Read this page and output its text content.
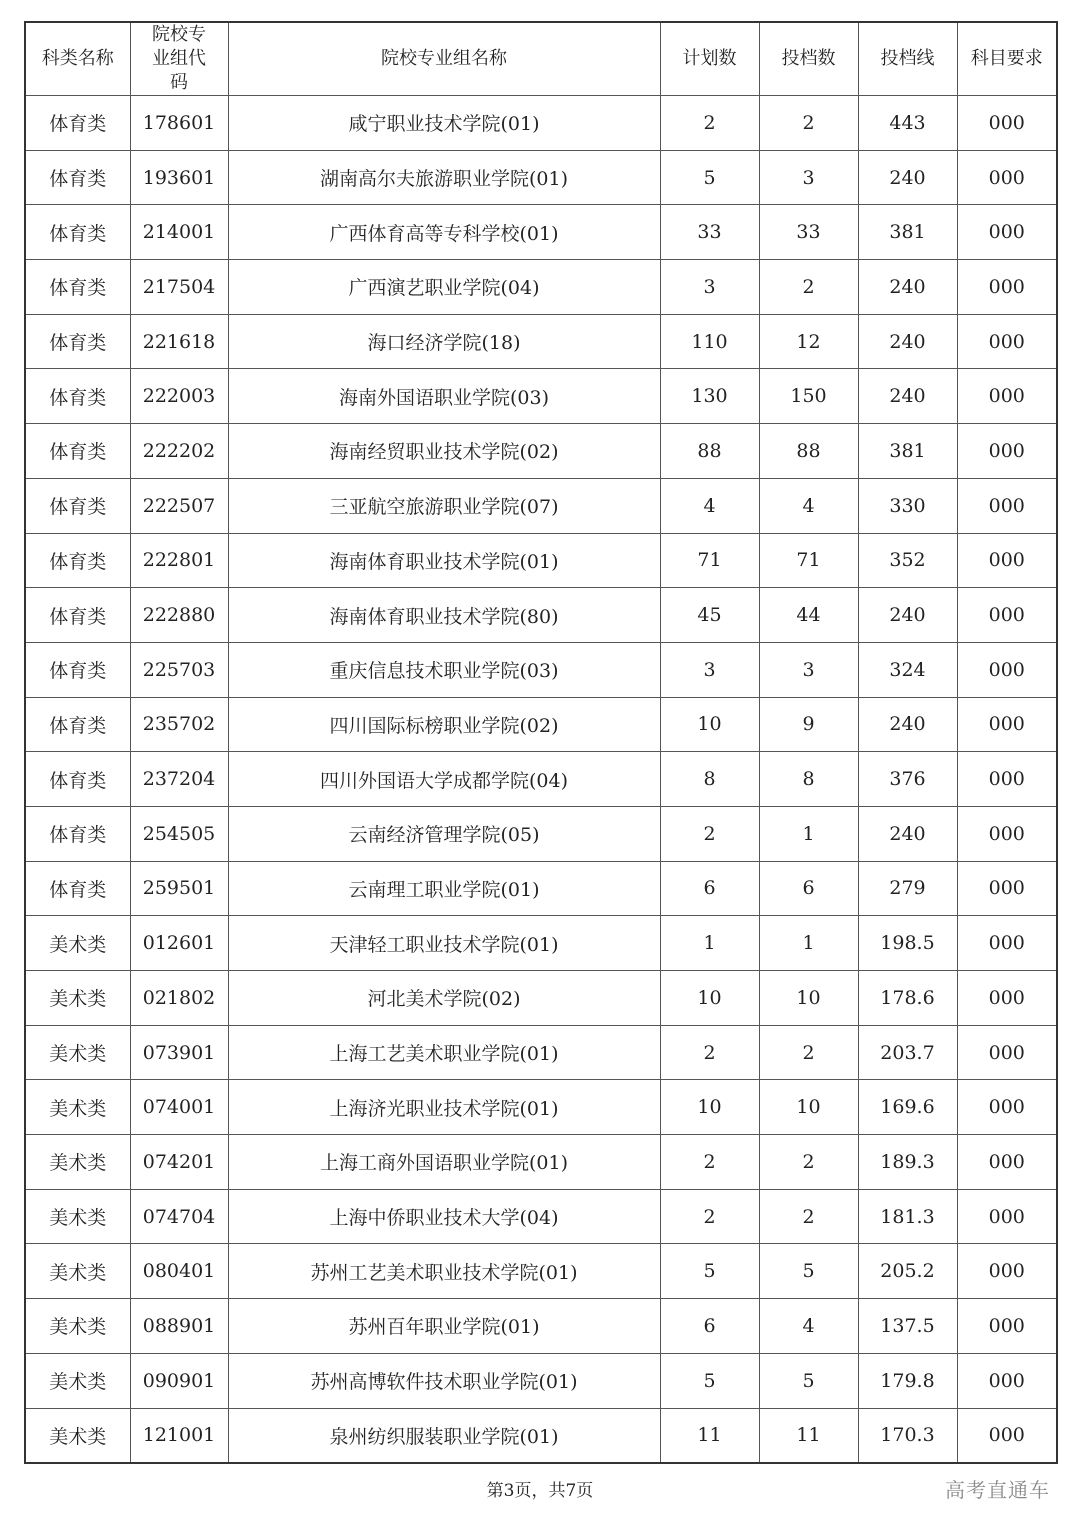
科类名称	院校专业组代码	院校专业组名称	计划数	投档数	投档线	科目要求
体育类	178601	咸宁职业技术学院(01)	2	2	443	000
体育类	193601	湖南高尔夫旅游职业学院(01)	5	3	240	000
体育类	214001	广西体育高等专科学校(01)	33	33	381	000
体育类	217504	广西演艺职业学院(04)	3	2	240	000
体育类	221618	海口经济学院(18)	110	12	240	000
体育类	222003	海南外国语职业学院(03)	130	150	240	000
体育类	222202	海南经贸职业技术学院(02)	88	88	381	000
体育类	222507	三亚航空旅游职业学院(07)	4	4	330	000
体育类	222801	海南体育职业技术学院(01)	71	71	352	000
体育类	222880	海南体育职业技术学院(80)	45	44	240	000
体育类	225703	重庆信息技术职业学院(03)	3	3	324	000
体育类	235702	四川国际标榜职业学院(02)	10	9	240	000
体育类	237204	四川外国语大学成都学院(04)	8	8	376	000
体育类	254505	云南经济管理学院(05)	2	1	240	000
体育类	259501	云南理工职业学院(01)	6	6	279	000
美术类	012601	天津轻工职业技术学院(01)	1	1	198.5	000
美术类	021802	河北美术学院(02)	10	10	178.6	000
美术类	073901	上海工艺美术职业学院(01)	2	2	203.7	000
美术类	074001	上海济光职业技术学院(01)	10	10	169.6	000
美术类	074201	上海工商外国语职业学院(01)	2	2	189.3	000
美术类	074704	上海中侨职业技术大学(04)	2	2	181.3	000
美术类	080401	苏州工艺美术职业技术学院(01)	5	5	205.2	000
美术类	088901	苏州百年职业学院(01)	6	4	137.5	000
美术类	090901	苏州高博软件技术职业学院(01)	5	5	179.8	000
美术类	121001	泉州纺织服装职业学院(01)	11	11	170.3	000
第3页，共7页	高考直通车
